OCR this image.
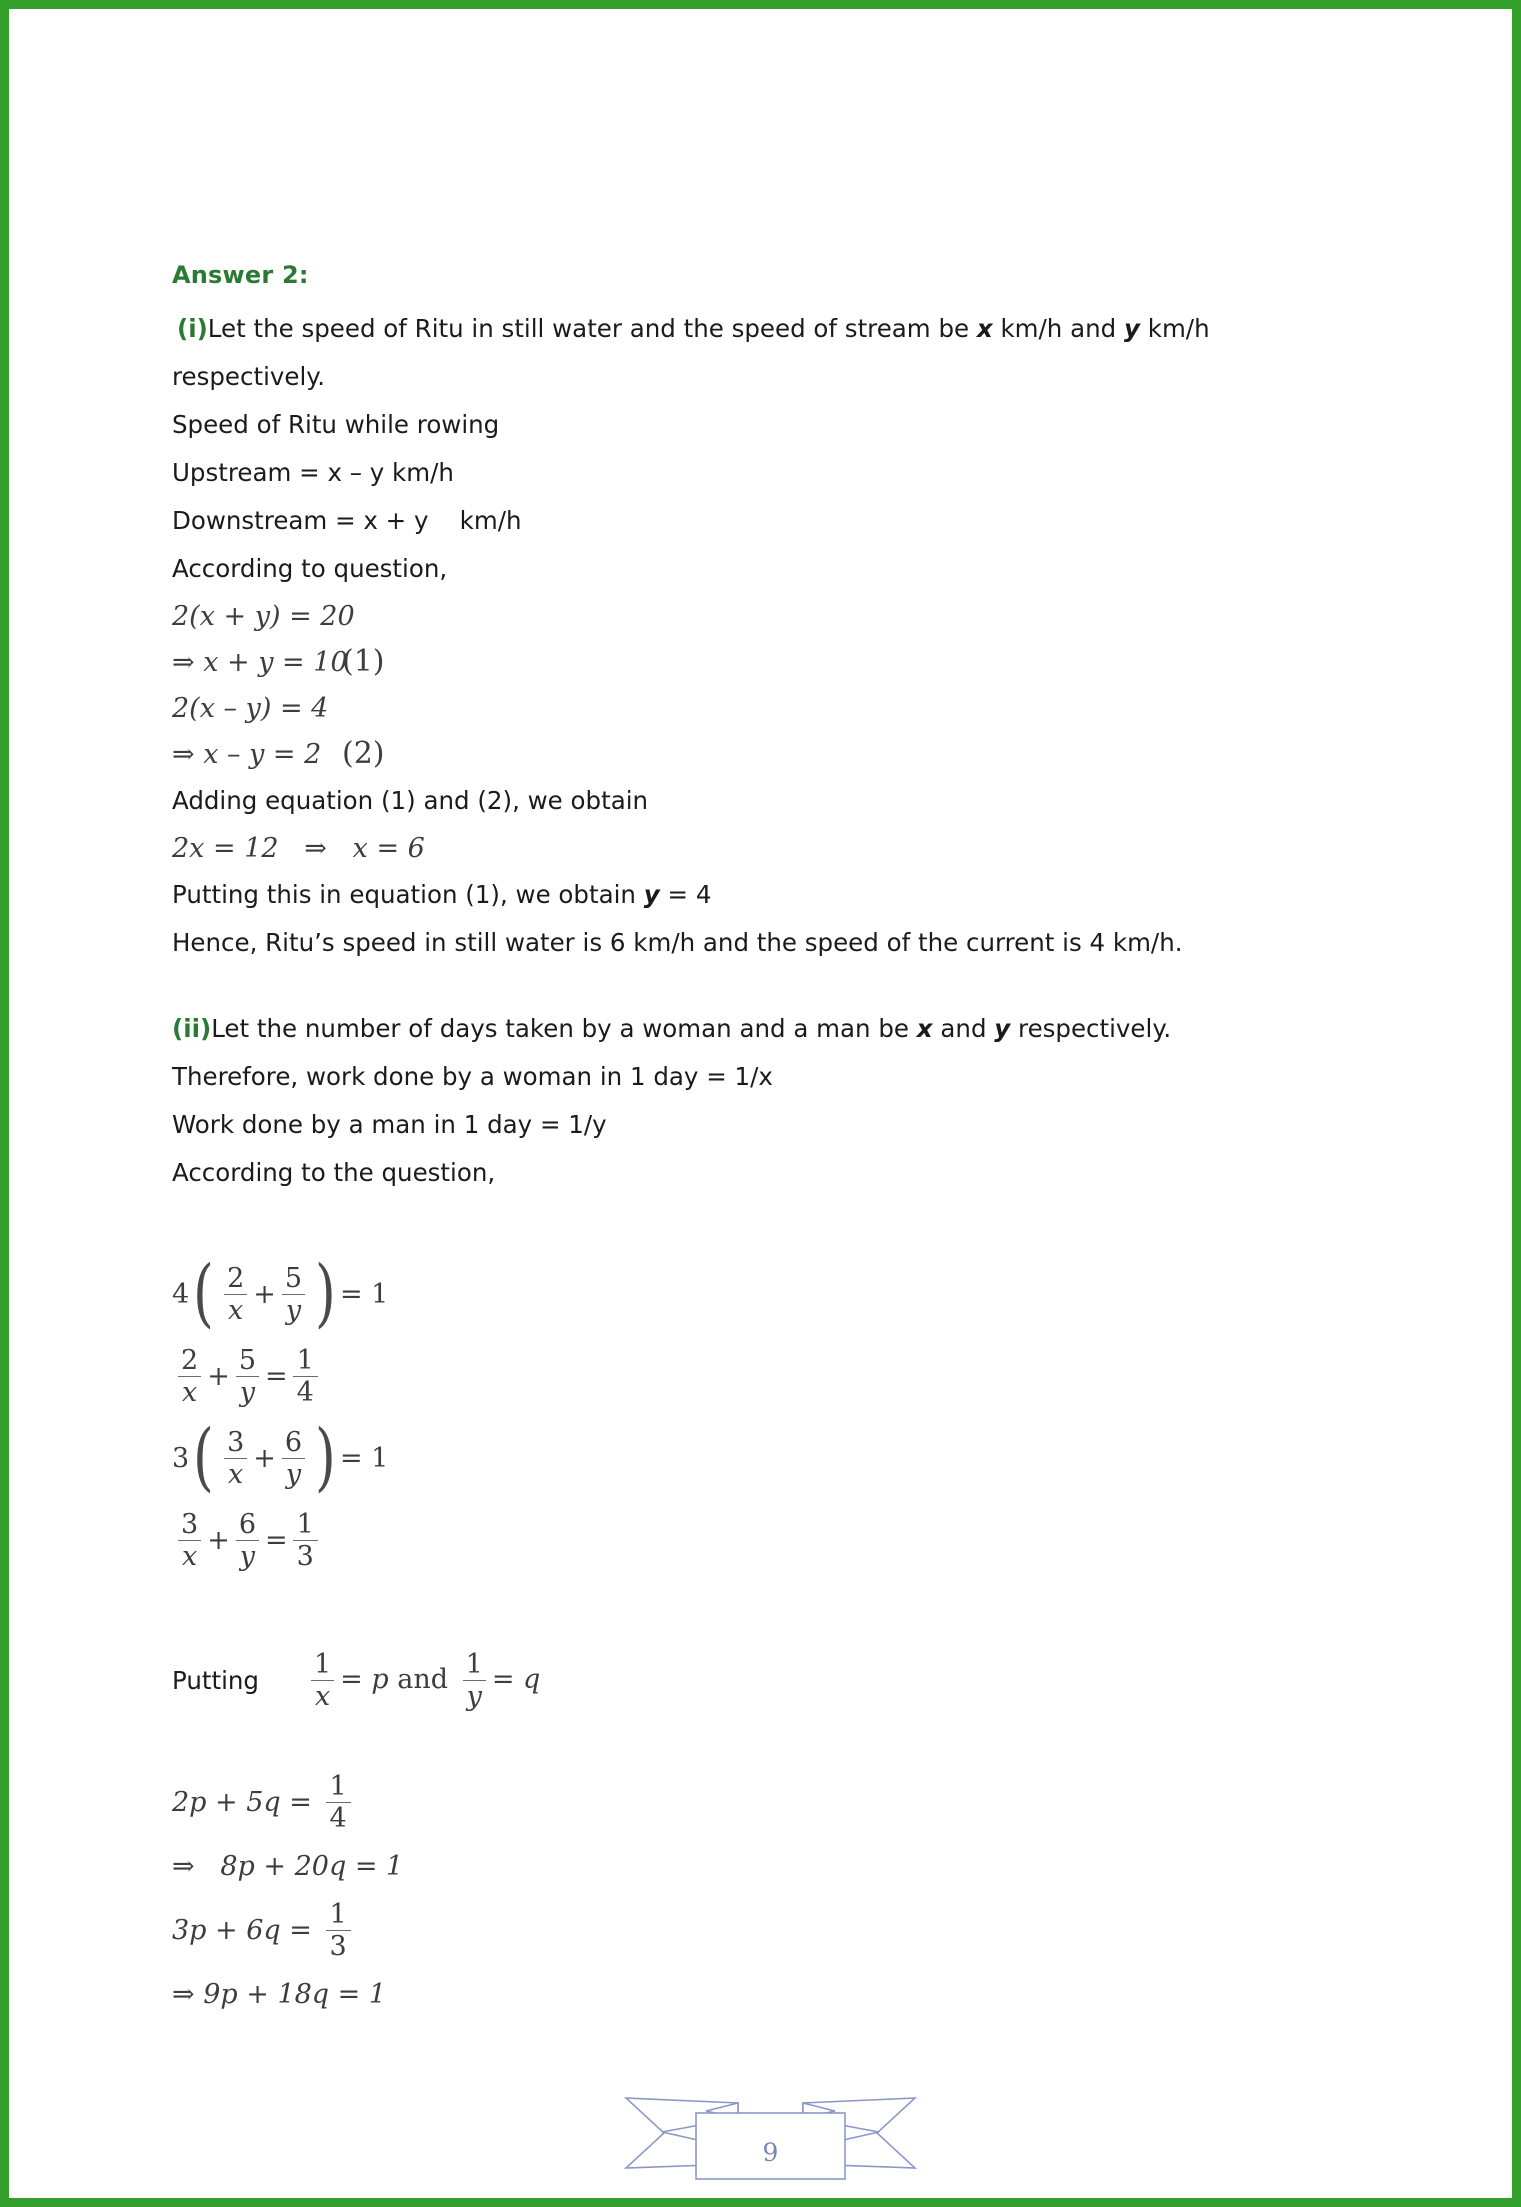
Answer 2:
(i)Let the speed of Ritu in still water and the speed of stream be x km/h and y km/h
respectively.
Speed of Ritu while rowing
Upstream = x – y km/h
Downstream = x + y    km/h
According to question,
2(x + y) = 20
⇒ x + y = 10
(1)
2(x – y) = 4
⇒ x – y = 2 (2)
Adding equation (1) and (2), we obtain
2x = 12   ⇒   x = 6
Putting this in equation (1), we obtain y = 4
Hence, Ritu’s speed in still water is 6 km/h and the speed of the current is 4 km/h.
(ii)Let the number of days taken by a woman and a man be x and y respectively.
Therefore, work done by a woman in 1 day = 1/x
Work done by a man in 1 day = 1/y
According to the question,
4 ( $\frac{2}{x} + \frac{5}{y}$ ) = 1
$\frac{2}{x} + \frac{5}{y} = \frac{1}{4}$
3 ( $\frac{3}{x} + \frac{6}{y}$ ) = 1
$\frac{3}{x} + \frac{6}{y} = \frac{1}{3}$
Putting $\frac{1}{x} = p$ and $\frac{1}{y} = q$
$2p + 5q = \frac{1}{4}$
⇒   8p + 20q = 1
$3p + 6q = \frac{1}{3}$
⇒ 9p + 18q = 1
9
